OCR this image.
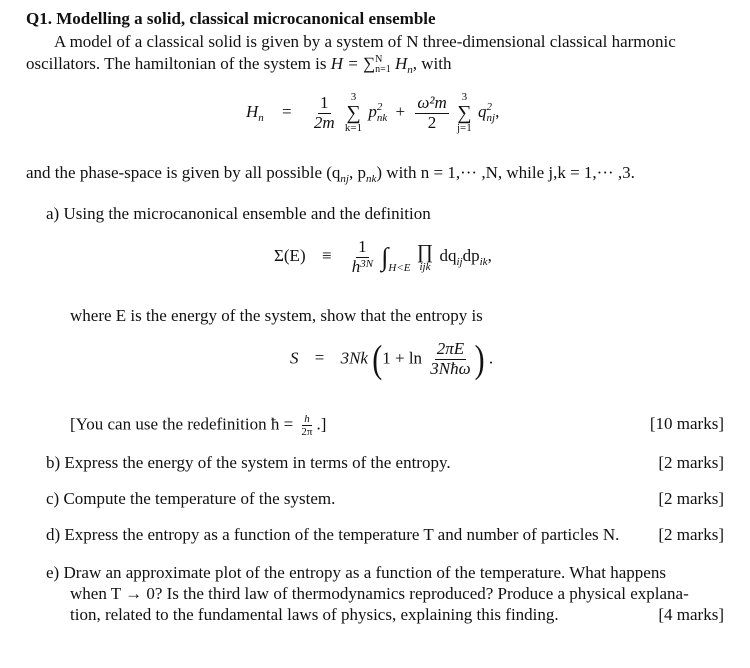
Q1. Modelling a solid, classical microcanonical ensemble
A model of a classical solid is given by a system of N three-dimensional classical harmonic
oscillators. The hamiltonian of the system is H = ∑ N
n=1 $H_n$, with
$H_n = \frac{1}{2m}$
3
∑
k=1
p 2
nk + $\frac{\text{ω²m}}{2}$
3
∑
j=1
q 2
nj ,
and the phase-space is given by all possible ($q_{nj}$, $p_{nk}$) with n = 1,··· ,N, while j,k = 1,··· ,3.
a) Using the microcanonical ensemble and the definition
$\Sigma(E) \equiv \frac{1}{h^{3N}} \int_{H<E}$
∏
ijk
$dq_{ij}dp_{ik}$,
where E is the energy of the system, show that the entropy is
S = 3Nk ($1 + \ln \frac{2\pi E}{\text{3Nħω}}$ ) .
[You can use the redefinition ħ = $\frac{h}{2\pi}$ .]	[10 marks]
b) Express the energy of the system in terms of the entropy.	[2 marks]
c) Compute the temperature of the system.	[2 marks]
d) Express the entropy as a function of the temperature T and number of particles N. [2 marks]
e) Draw an approximate plot of the entropy as a function of the temperature. What happens
when T → 0? Is the third law of thermodynamics reproduced? Produce a physical explana-
tion, related to the fundamental laws of physics, explaining this finding.	[4 marks]
